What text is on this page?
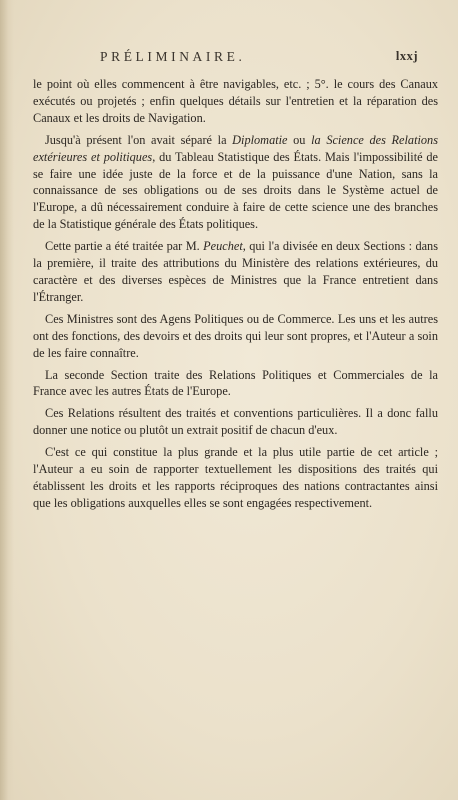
PRÉLIMINAIRE.	lxxj

le point où elles commencent à être navigables, etc. ; 5°. le cours des Canaux exécutés ou projetés ; enfin quelques détails sur l'entretien et la réparation des Canaux et les droits de Navigation.

Jusqu'à présent l'on avait séparé la Diplomatie ou la Science des Relations extérieures et politiques, du Tableau Statistique des États. Mais l'impossibilité de se faire une idée juste de la force et de la puissance d'une Nation, sans la connaissance de ses obligations ou de ses droits dans le Système actuel de l'Europe, a dû nécessairement conduire à faire de cette science une des branches de la Statistique générale des États politiques.

Cette partie a été traitée par M. Peuchet, qui l'a divisée en deux Sections : dans la première, il traite des attributions du Ministère des relations extérieures, du caractère et des diverses espèces de Ministres que la France entretient dans l'Étranger.

Ces Ministres sont des Agens Politiques ou de Commerce. Les uns et les autres ont des fonctions, des devoirs et des droits qui leur sont propres, et l'Auteur a soin de les faire connaître.

La seconde Section traite des Relations Politiques et Commerciales de la France avec les autres États de l'Europe.

Ces Relations résultent des traités et conventions particulières. Il a donc fallu donner une notice ou plutôt un extrait positif de chacun d'eux.

C'est ce qui constitue la plus grande et la plus utile partie de cet article ; l'Auteur a eu soin de rapporter textuellement les dispositions des traités qui établissent les droits et les rapports réciproques des nations contractantes ainsi que les obligations auxquelles elles se sont engagées respectivement.
